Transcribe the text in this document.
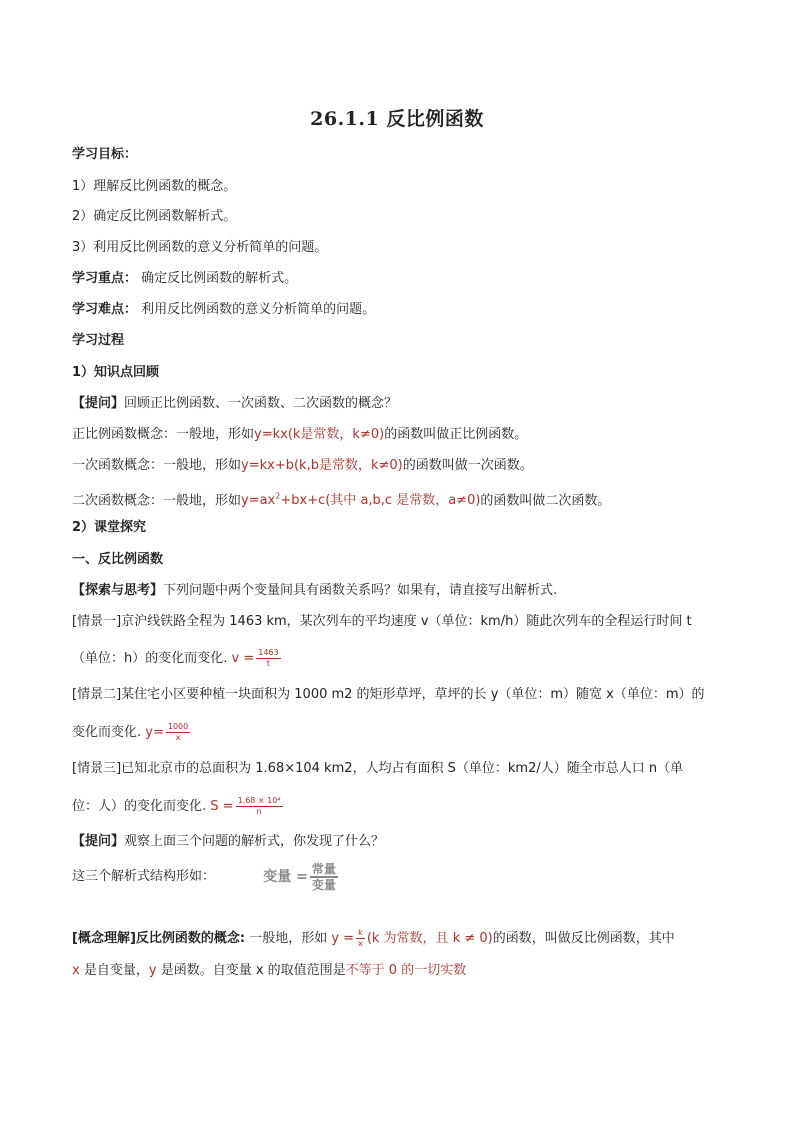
26.1.1 反比例函数
学习目标：
1）理解反比例函数的概念。
2）确定反比例函数解析式。
3）利用反比例函数的意义分析简单的问题。
学习重点： 确定反比例函数的解析式。
学习难点： 利用反比例函数的意义分析简单的问题。
学习过程
1）知识点回顾
【提问】回顾正比例函数、一次函数、二次函数的概念？
正比例函数概念：一般地，形如y=kx(k是常数，k≠0)的函数叫做正比例函数。
一次函数概念：一般地，形如y=kx+b(k,b是常数，k≠0)的函数叫做一次函数。
二次函数概念：一般地，形如$y=ax^2+bx+c$(其中 a,b,c 是常数，a≠0)的函数叫做二次函数。
2）课堂探究
一、反比例函数
【探索与思考】下列问题中两个变量间具有函数关系吗？如果有，请直接写出解析式.
[情景一]京沪线铁路全程为 1463 km，某次列车的平均速度 v（单位：km/h）随此次列车的全程运行时间 t
（单位：h）的变化而变化. $v = \frac{1463}{t}$
[情景二]某住宅小区要种植一块面积为 1000 m2 的矩形草坪，草坪的长 y（单位：m）随宽 x（单位：m）的
变化而变化. $y= \frac{1000}{x}$
[情景三]已知北京市的总面积为 1.68×104 km2，人均占有面积 S（单位：km2/人）随全市总人口 n（单
位：人）的变化而变化. $S = \frac{\text{1.68 × 10⁴}}{n}$
【提问】观察上面三个问题的解析式，你发现了什么？
这三个解析式结构形如：	变量 = $\frac{\text{常量}}{\text{变量}}$
[概念理解]反比例函数的概念: 一般地，形如 $y = \frac{k}{x} (k$ 为常数，且 k ≠ 0)的函数，叫做反比例函数，其中
x 是自变量，y 是函数。自变量 x 的取值范围是不等于 0 的一切实数
